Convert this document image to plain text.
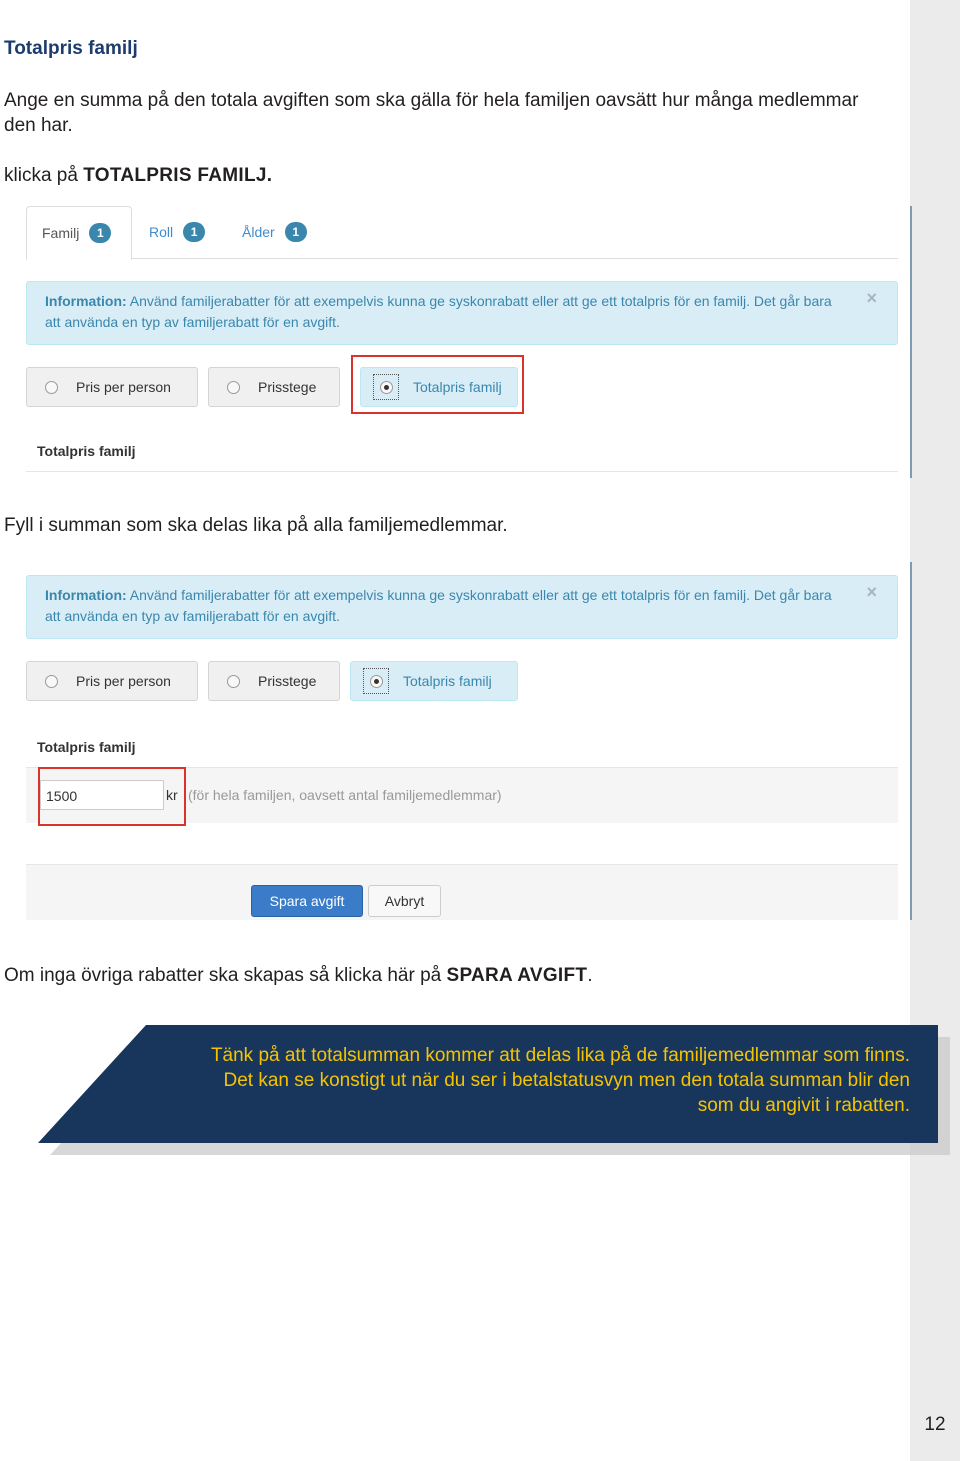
Totalpris familj
Ange en summa på den totala avgiften som ska gälla för hela familjen oavsätt hur många medlemmar den har.
klicka på TOTALPRIS FAMILJ.
Familj	1	Roll	1	Ålder	1
Information: Använd familjerabatter för att exempelvis kunna ge syskonrabatt eller att ge ett totalpris för en familj. Det går bara att använda en typ av familjerabatt för en avgift.
×
Pris per person	Prisstege	Totalpris familj
Totalpris familj
Fyll i summan som ska delas lika på alla familjemedlemmar.
Information: Använd familjerabatter för att exempelvis kunna ge syskonrabatt eller att ge ett totalpris för en familj. Det går bara att använda en typ av familjerabatt för en avgift.
×
Pris per person	Prisstege	Totalpris familj
Totalpris familj
1500	kr (för hela familjen, oavsett antal familjemedlemmar)
Spara avgift	Avbryt
Om inga övriga rabatter ska skapas så klicka här på SPARA AVGIFT.
Tänk på att totalsumman kommer att delas lika på de familjemedlemmar som finns.
Det kan se konstigt ut när du ser i betalstatusvyn men den totala summan blir den
som du angivit i rabatten.
12
